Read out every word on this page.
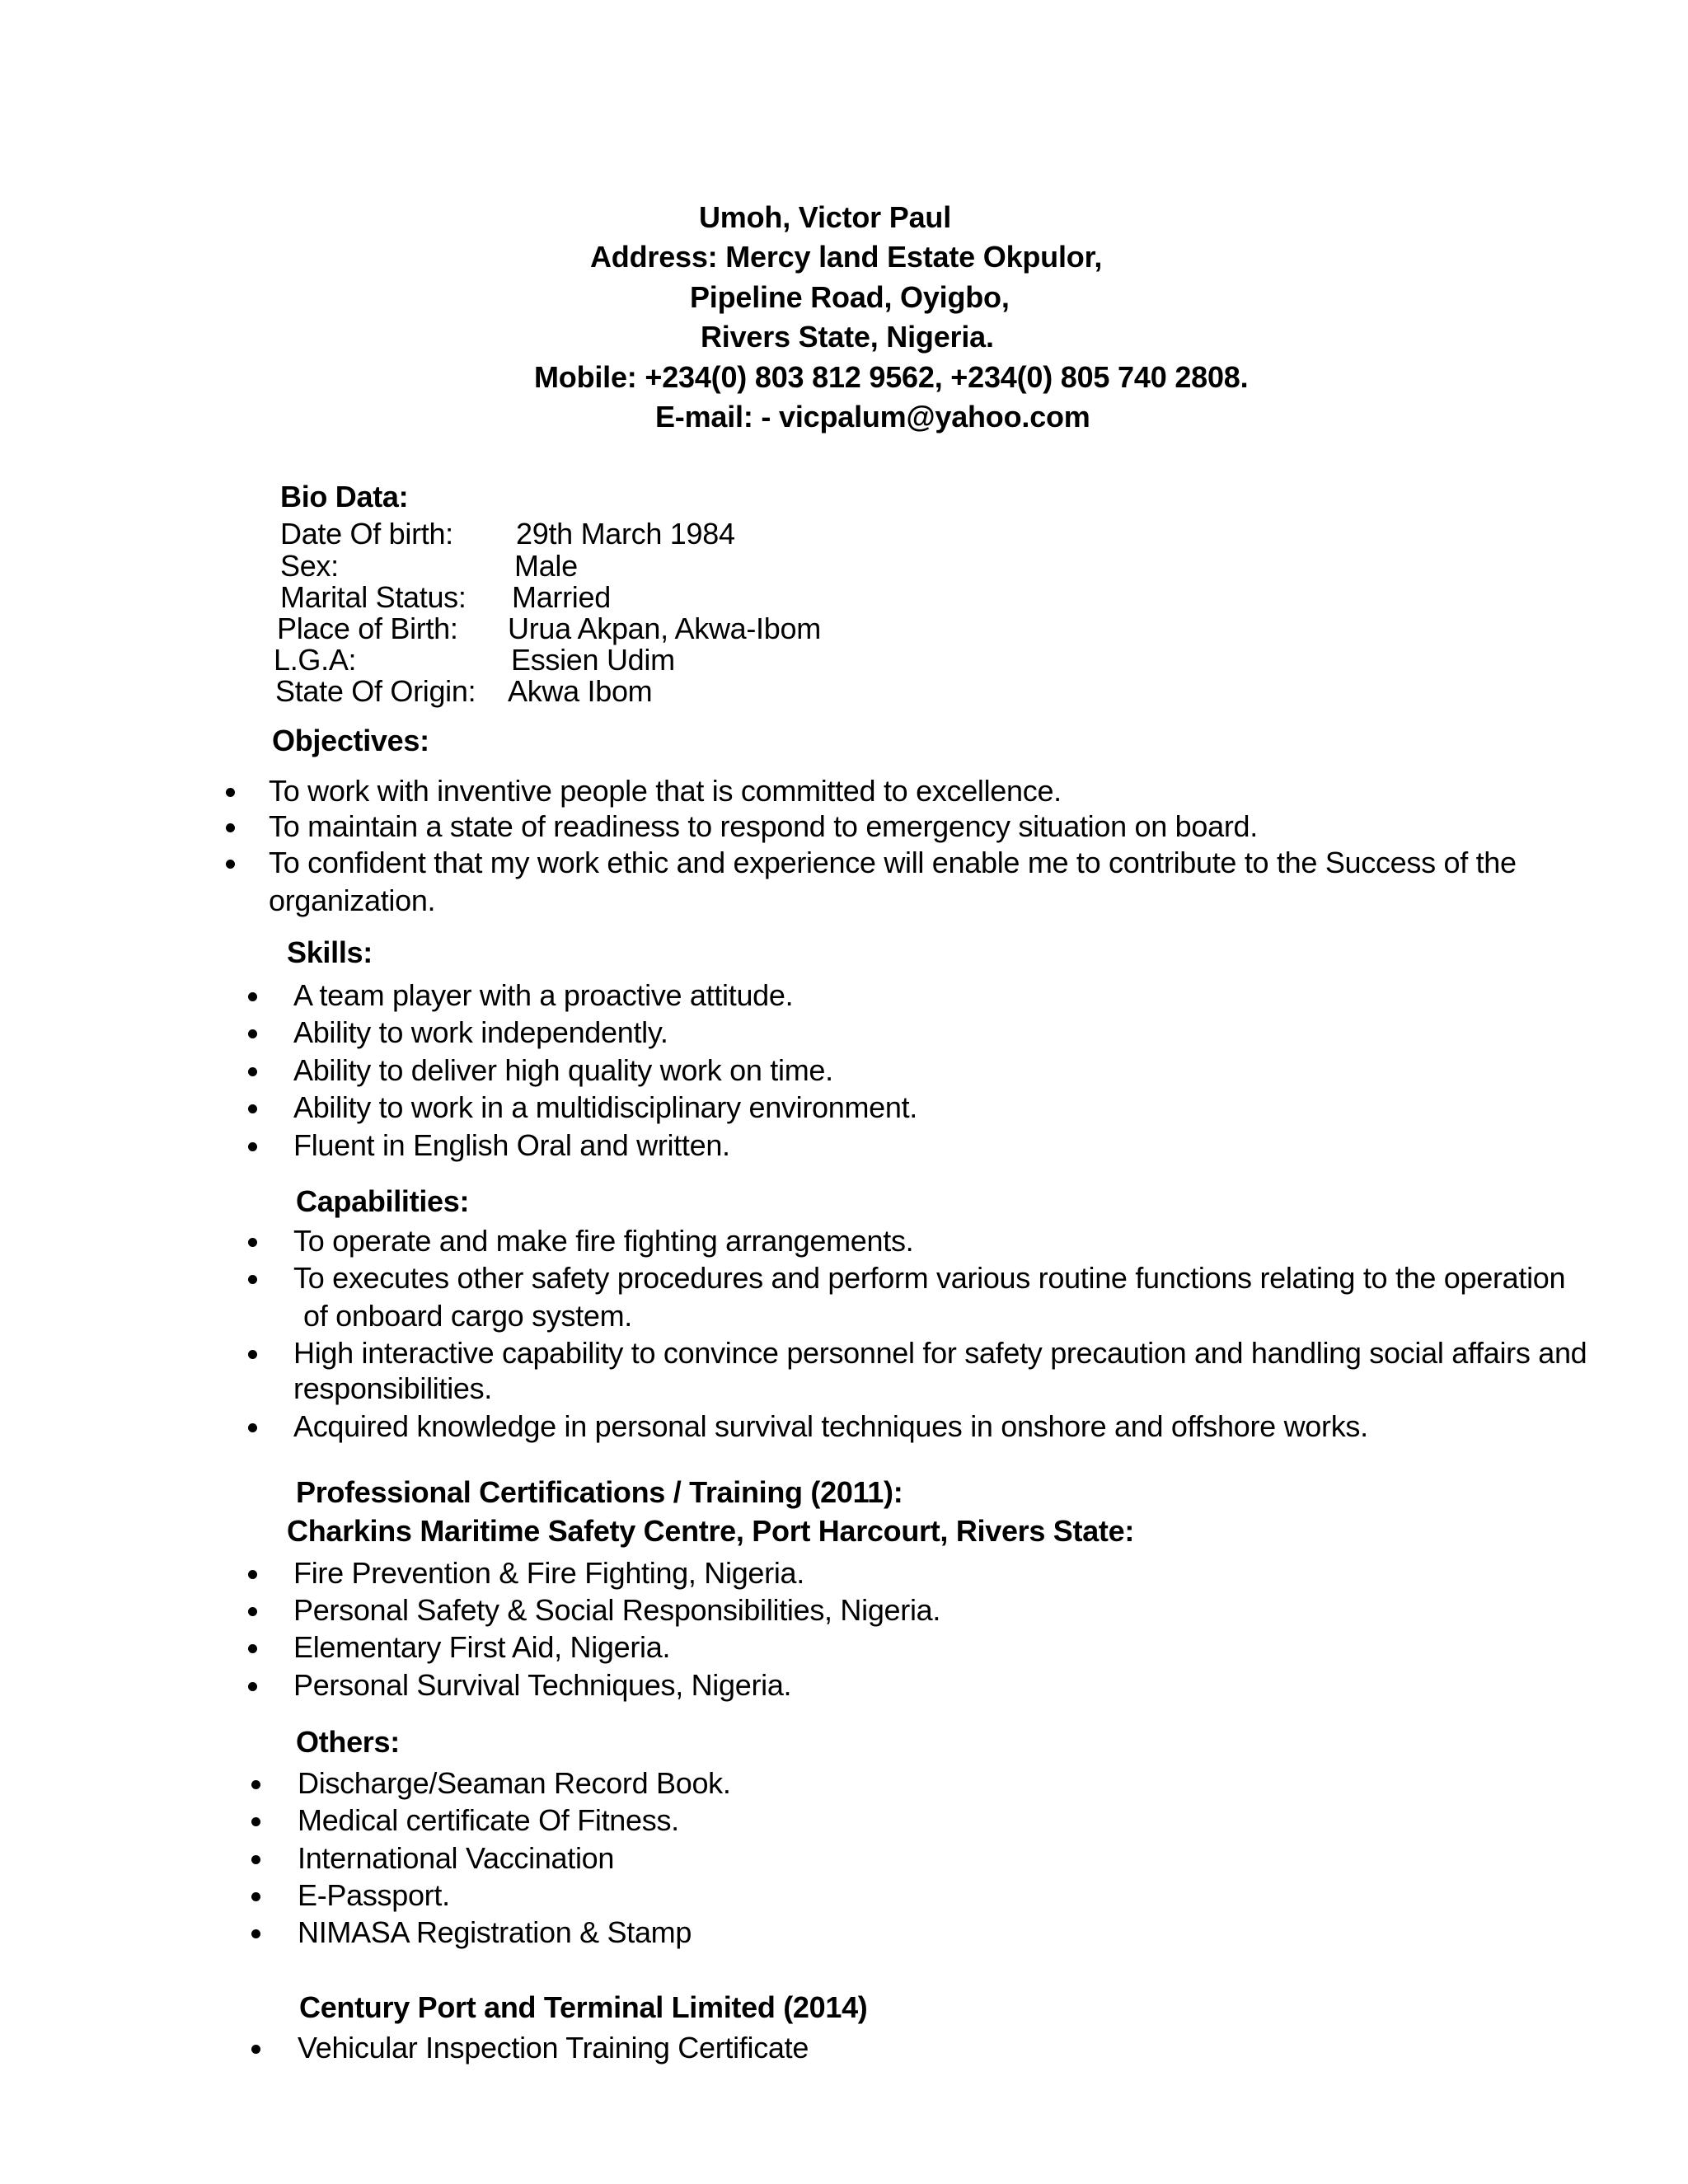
Umoh, Victor Paul
Address: Mercy land Estate Okpulor,
Pipeline Road, Oyigbo,
Rivers State, Nigeria.
Mobile: +234(0) 803 812 9562, +234(0) 805 740 2808.
E-mail: - vicpalum@yahoo.com
Bio Data:
Date Of birth: 29th March 1984
Sex:	Male
Marital Status: Married
Place of Birth: Urua Akpan, Akwa-Ibom
L.G.A:	Essien Udim
State Of Origin: Akwa Ibom
Objectives:
To work with inventive people that is committed to excellence.
To maintain a state of readiness to respond to emergency situation on board.
To confident that my work ethic and experience will enable me to contribute to the Success of the
organization.
Skills:
A team player with a proactive attitude.
Ability to work independently.
Ability to deliver high quality work on time.
Ability to work in a multidisciplinary environment.
Fluent in English Oral and written.
Capabilities:
To operate and make fire fighting arrangements.
To executes other safety procedures and perform various routine functions relating to the operation
of onboard cargo system.
High interactive capability to convince personnel for safety precaution and handling social affairs and
responsibilities.
Acquired knowledge in personal survival techniques in onshore and offshore works.
Professional Certifications / Training (2011):
Charkins Maritime Safety Centre, Port Harcourt, Rivers State:
Fire Prevention & Fire Fighting, Nigeria.
Personal Safety & Social Responsibilities, Nigeria.
Elementary First Aid, Nigeria.
Personal Survival Techniques, Nigeria.
Others:
Discharge/Seaman Record Book.
Medical certificate Of Fitness.
International Vaccination
E-Passport.
NIMASA Registration & Stamp
Century Port and Terminal Limited (2014)
Vehicular Inspection Training Certificate
